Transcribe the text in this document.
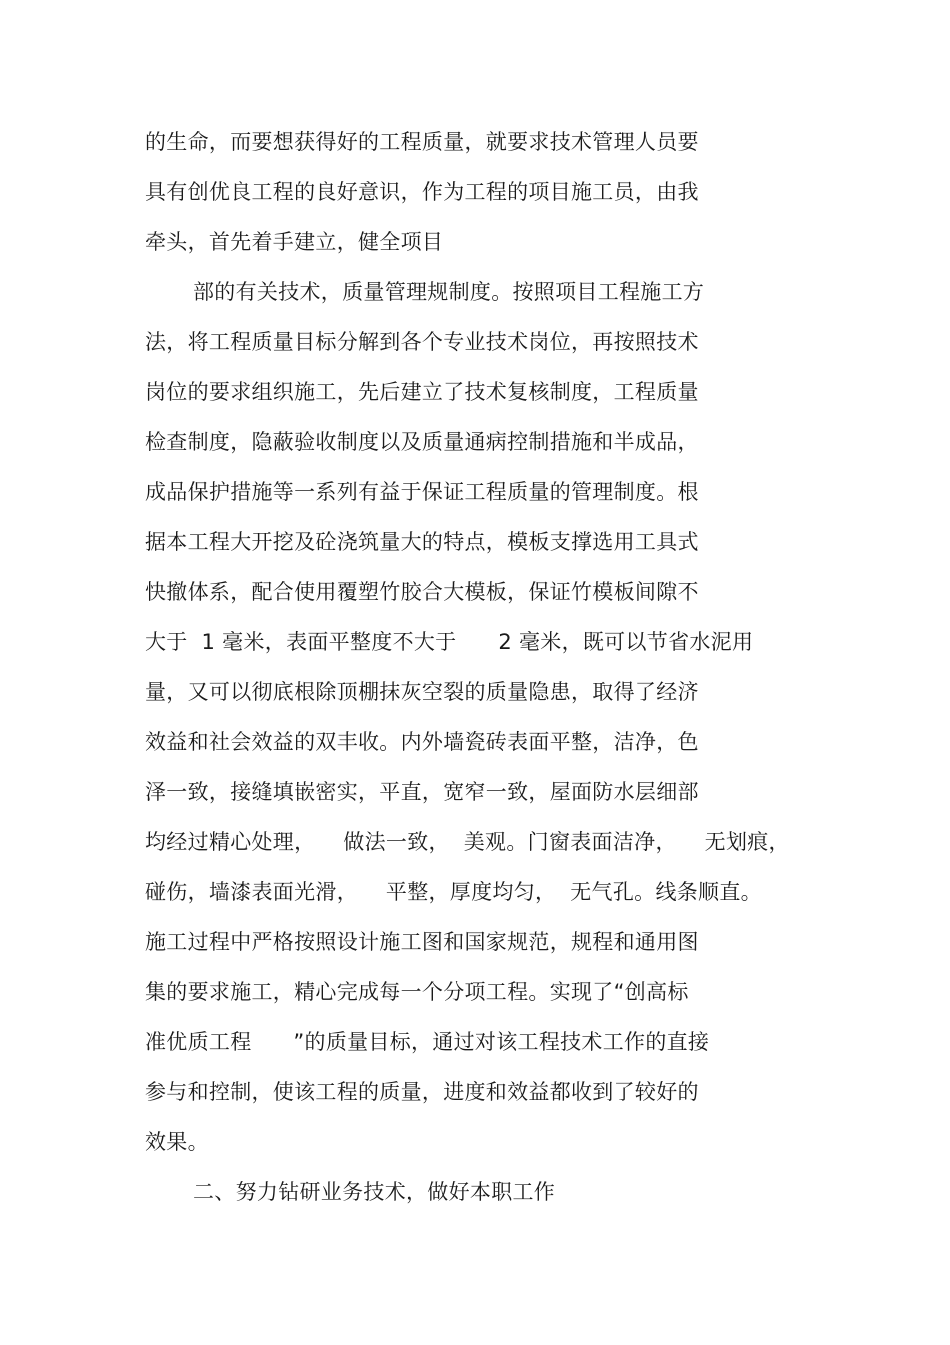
的生命，而要想获得好的工程质量，就要求技术管理人员要
具有创优良工程的良好意识，作为工程的项目施工员，由我
牵头，首先着手建立，健全项目
部的有关技术，质量管理规制度。按照项目工程施工方
法，将工程质量目标分解到各个专业技术岗位，再按照技术
岗位的要求组织施工，先后建立了技术复核制度，工程质量
检查制度，隐蔽验收制度以及质量通病控制措施和半成品，
成品保护措施等一系列有益于保证工程质量的管理制度。根
据本工程大开挖及砼浇筑量大的特点，模板支撑选用工具式
快撤体系，配合使用覆塑竹胶合大模板，保证竹模板间隙不
大于  1 毫米，表面平整度不大于      2 毫米，既可以节省水泥用
量，又可以彻底根除顶棚抹灰空裂的质量隐患，取得了经济
效益和社会效益的双丰收。内外墙瓷砖表面平整，洁净，色
泽一致，接缝填嵌密实，平直，宽窄一致，屋面防水层细部
均经过精心处理，    做法一致，  美观。门窗表面洁净，    无划痕，
碰伤，墙漆表面光滑，    平整，厚度均匀，  无气孔。线条顺直。
施工过程中严格按照设计施工图和国家规范，规程和通用图
集的要求施工，精心完成每一个分项工程。实现了“创高标
准优质工程      ”的质量目标，通过对该工程技术工作的直接
参与和控制，使该工程的质量，进度和效益都收到了较好的
效果。
二、努力钻研业务技术，做好本职工作
